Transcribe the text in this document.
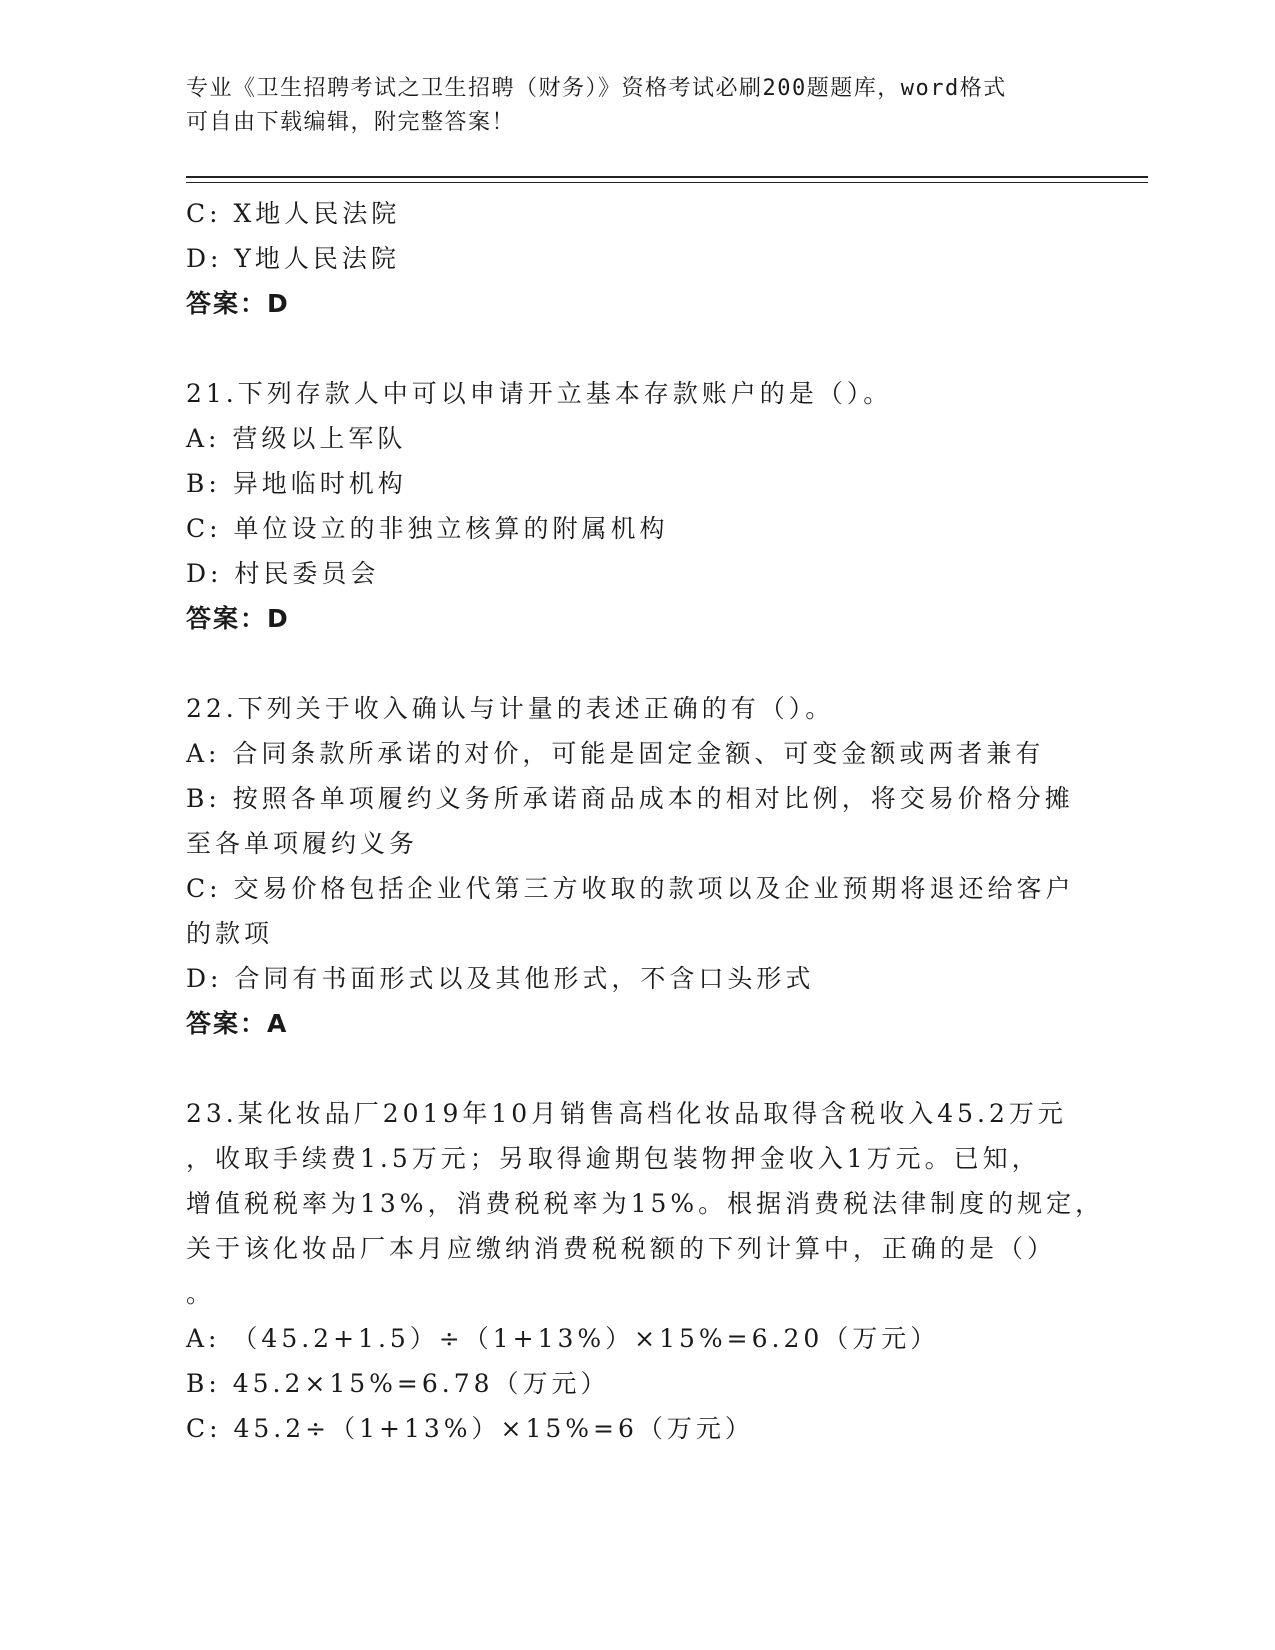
专业《卫生招聘考试之卫生招聘（财务）》资格考试必刷200题题库，word格式
可自由下载编辑，附完整答案！
C: X地人民法院
D: Y地人民法院
答案：D
21.下列存款人中可以申请开立基本存款账户的是（）。
A: 营级以上军队
B: 异地临时机构
C: 单位设立的非独立核算的附属机构
D: 村民委员会
答案：D
22.下列关于收入确认与计量的表述正确的有（）。
A: 合同条款所承诺的对价，可能是固定金额、可变金额或两者兼有
B: 按照各单项履约义务所承诺商品成本的相对比例，将交易价格分摊
至各单项履约义务
C: 交易价格包括企业代第三方收取的款项以及企业预期将退还给客户
的款项
D: 合同有书面形式以及其他形式，不含口头形式
答案：A
23.某化妆品厂2019年10月销售高档化妆品取得含税收入45.2万元
，收取手续费1.5万元；另取得逾期包装物押金收入1万元。已知，
增值税税率为13%，消费税税率为15%。根据消费税法律制度的规定，
关于该化妆品厂本月应缴纳消费税税额的下列计算中，正确的是（）
。
A: （45.2+1.5）÷（1+13%）×15%=6.20（万元）
B: 45.2×15%=6.78（万元）
C: 45.2÷（1+13%）×15%=6（万元）
